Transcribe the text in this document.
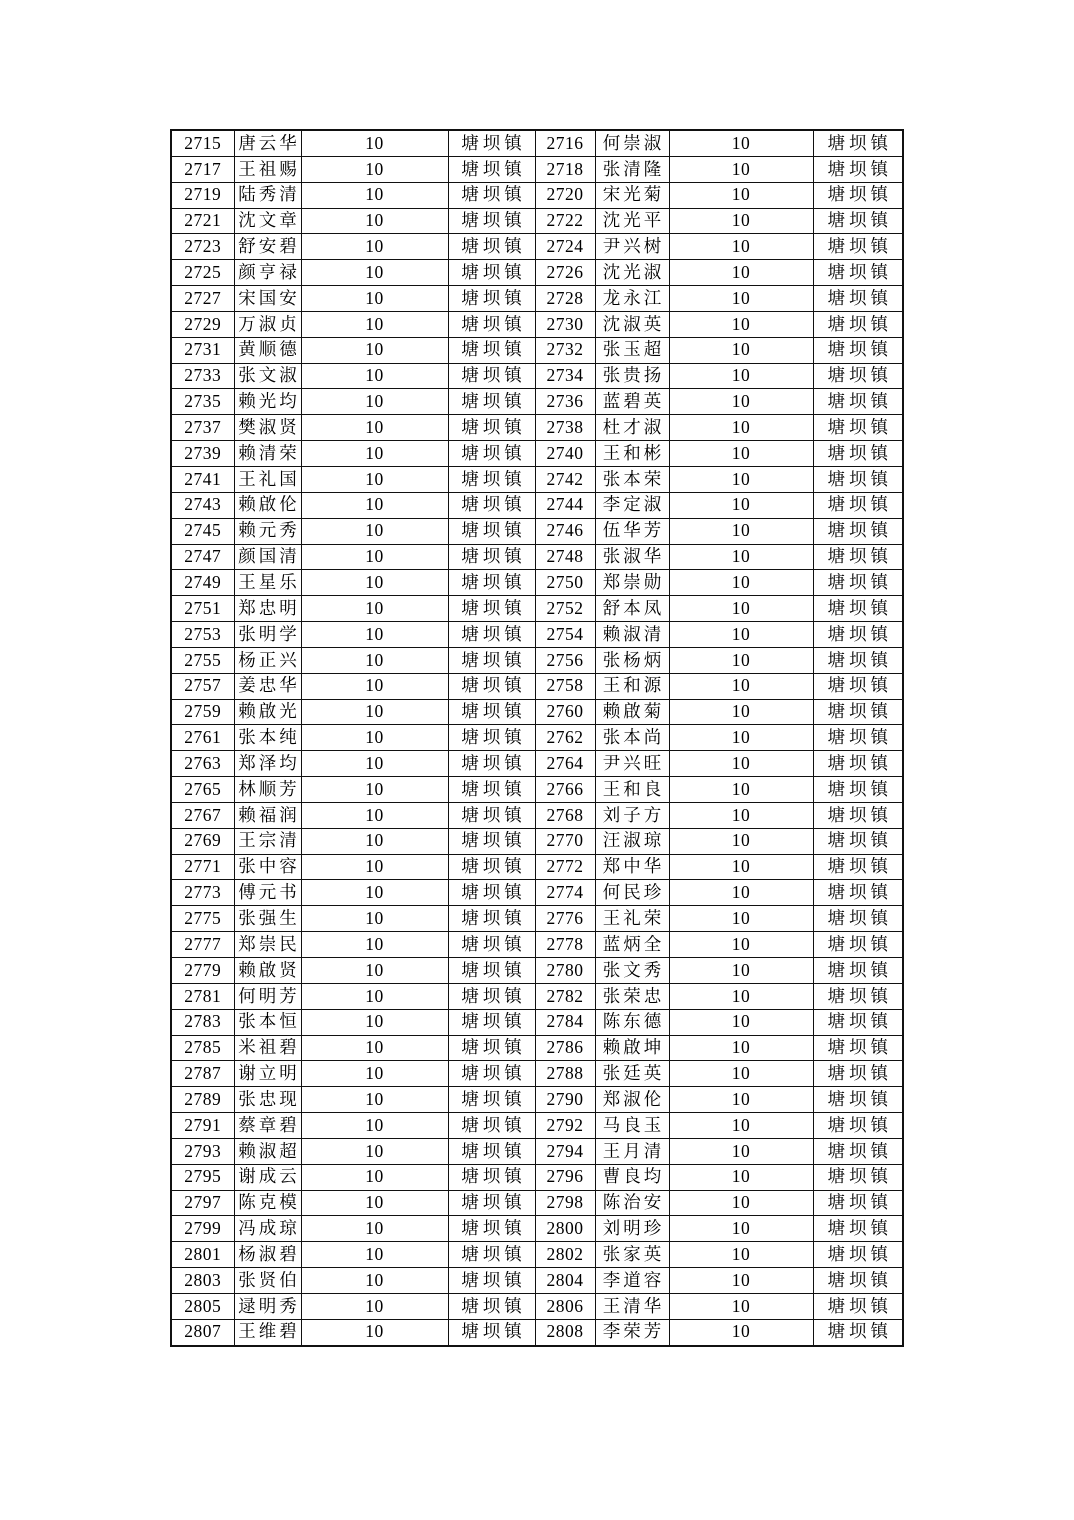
2715	唐云华	10	塘坝镇	2716	何崇淑	10	塘坝镇
2717	王祖赐	10	塘坝镇	2718	张清隆	10	塘坝镇
2719	陆秀清	10	塘坝镇	2720	宋光菊	10	塘坝镇
2721	沈文章	10	塘坝镇	2722	沈光平	10	塘坝镇
2723	舒安碧	10	塘坝镇	2724	尹兴树	10	塘坝镇
2725	颜亨禄	10	塘坝镇	2726	沈光淑	10	塘坝镇
2727	宋国安	10	塘坝镇	2728	龙永江	10	塘坝镇
2729	万淑贞	10	塘坝镇	2730	沈淑英	10	塘坝镇
2731	黄顺德	10	塘坝镇	2732	张玉超	10	塘坝镇
2733	张文淑	10	塘坝镇	2734	张贵扬	10	塘坝镇
2735	赖光均	10	塘坝镇	2736	蓝碧英	10	塘坝镇
2737	樊淑贤	10	塘坝镇	2738	杜才淑	10	塘坝镇
2739	赖清荣	10	塘坝镇	2740	王和彬	10	塘坝镇
2741	王礼国	10	塘坝镇	2742	张本荣	10	塘坝镇
2743	赖啟伦	10	塘坝镇	2744	李定淑	10	塘坝镇
2745	赖元秀	10	塘坝镇	2746	伍华芳	10	塘坝镇
2747	颜国清	10	塘坝镇	2748	张淑华	10	塘坝镇
2749	王星乐	10	塘坝镇	2750	郑崇勋	10	塘坝镇
2751	郑忠明	10	塘坝镇	2752	舒本凤	10	塘坝镇
2753	张明学	10	塘坝镇	2754	赖淑清	10	塘坝镇
2755	杨正兴	10	塘坝镇	2756	张杨炳	10	塘坝镇
2757	姜忠华	10	塘坝镇	2758	王和源	10	塘坝镇
2759	赖啟光	10	塘坝镇	2760	赖啟菊	10	塘坝镇
2761	张本纯	10	塘坝镇	2762	张本尚	10	塘坝镇
2763	郑泽均	10	塘坝镇	2764	尹兴旺	10	塘坝镇
2765	林顺芳	10	塘坝镇	2766	王和良	10	塘坝镇
2767	赖福润	10	塘坝镇	2768	刘子方	10	塘坝镇
2769	王宗清	10	塘坝镇	2770	汪淑琼	10	塘坝镇
2771	张中容	10	塘坝镇	2772	郑中华	10	塘坝镇
2773	傅元书	10	塘坝镇	2774	何民珍	10	塘坝镇
2775	张强生	10	塘坝镇	2776	王礼荣	10	塘坝镇
2777	郑崇民	10	塘坝镇	2778	蓝炳全	10	塘坝镇
2779	赖啟贤	10	塘坝镇	2780	张文秀	10	塘坝镇
2781	何明芳	10	塘坝镇	2782	张荣忠	10	塘坝镇
2783	张本恒	10	塘坝镇	2784	陈东德	10	塘坝镇
2785	米祖碧	10	塘坝镇	2786	赖啟坤	10	塘坝镇
2787	谢立明	10	塘坝镇	2788	张廷英	10	塘坝镇
2789	张忠现	10	塘坝镇	2790	郑淑伦	10	塘坝镇
2791	蔡章碧	10	塘坝镇	2792	马良玉	10	塘坝镇
2793	赖淑超	10	塘坝镇	2794	王月清	10	塘坝镇
2795	谢成云	10	塘坝镇	2796	曹良均	10	塘坝镇
2797	陈克模	10	塘坝镇	2798	陈治安	10	塘坝镇
2799	冯成琼	10	塘坝镇	2800	刘明珍	10	塘坝镇
2801	杨淑碧	10	塘坝镇	2802	张家英	10	塘坝镇
2803	张贤伯	10	塘坝镇	2804	李道容	10	塘坝镇
2805	逯明秀	10	塘坝镇	2806	王清华	10	塘坝镇
2807	王维碧	10	塘坝镇	2808	李荣芳	10	塘坝镇
